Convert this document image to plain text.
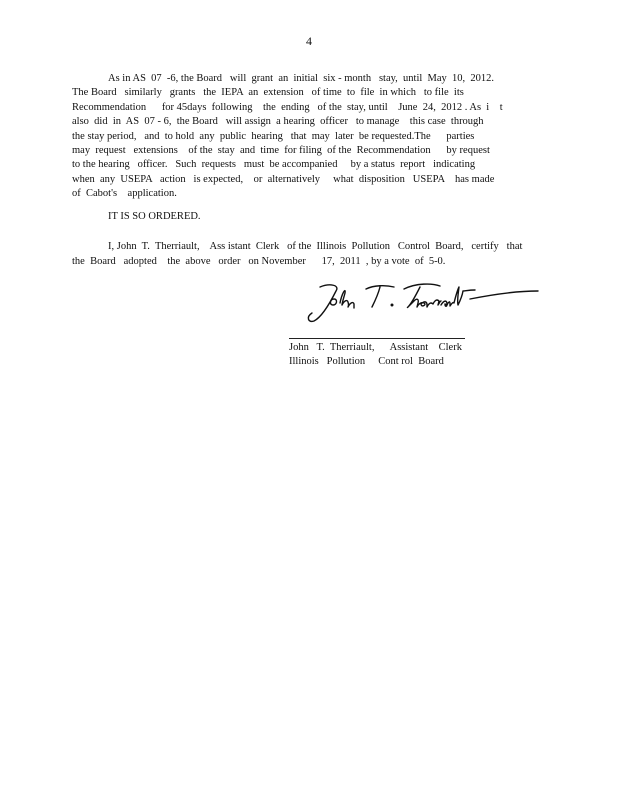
4
As in AS  07  -6, the Board   will  grant  an  initial  six - month   stay,  until  May  10,  2012.
The Board   similarly   grants   the  IEPA  an  extension   of time  to  file  in which   to file  its
Recommendation      for 45days  following    the  ending   of the  stay, until    June  24,  2012 . As  i    t
also  did  in  AS  07 - 6,  the Board   will assign  a hearing  officer   to manage    this case  through
the stay period,   and  to hold  any  public  hearing   that  may  later  be requested.The      parties
may  request   extensions    of the  stay  and  time  for filing  of the  Recommendation      by request
to the hearing   officer.   Such  requests   must  be accompanied     by a status  report   indicating
when  any  USEPA   action   is expected,    or  alternatively     what  disposition   USEPA    has made
of  Cabot's    application.
IT IS SO ORDERED.
I, John  T.  Therriault,    Ass istant  Clerk   of the  Illinois  Pollution   Control  Board,   certify   that
the  Board   adopted    the  above   order   on November      17,  2011  , by a vote  of  5-0.
John   T.  Therriault,      Assistant    Clerk
Illinois   Pollution     Cont rol  Board
